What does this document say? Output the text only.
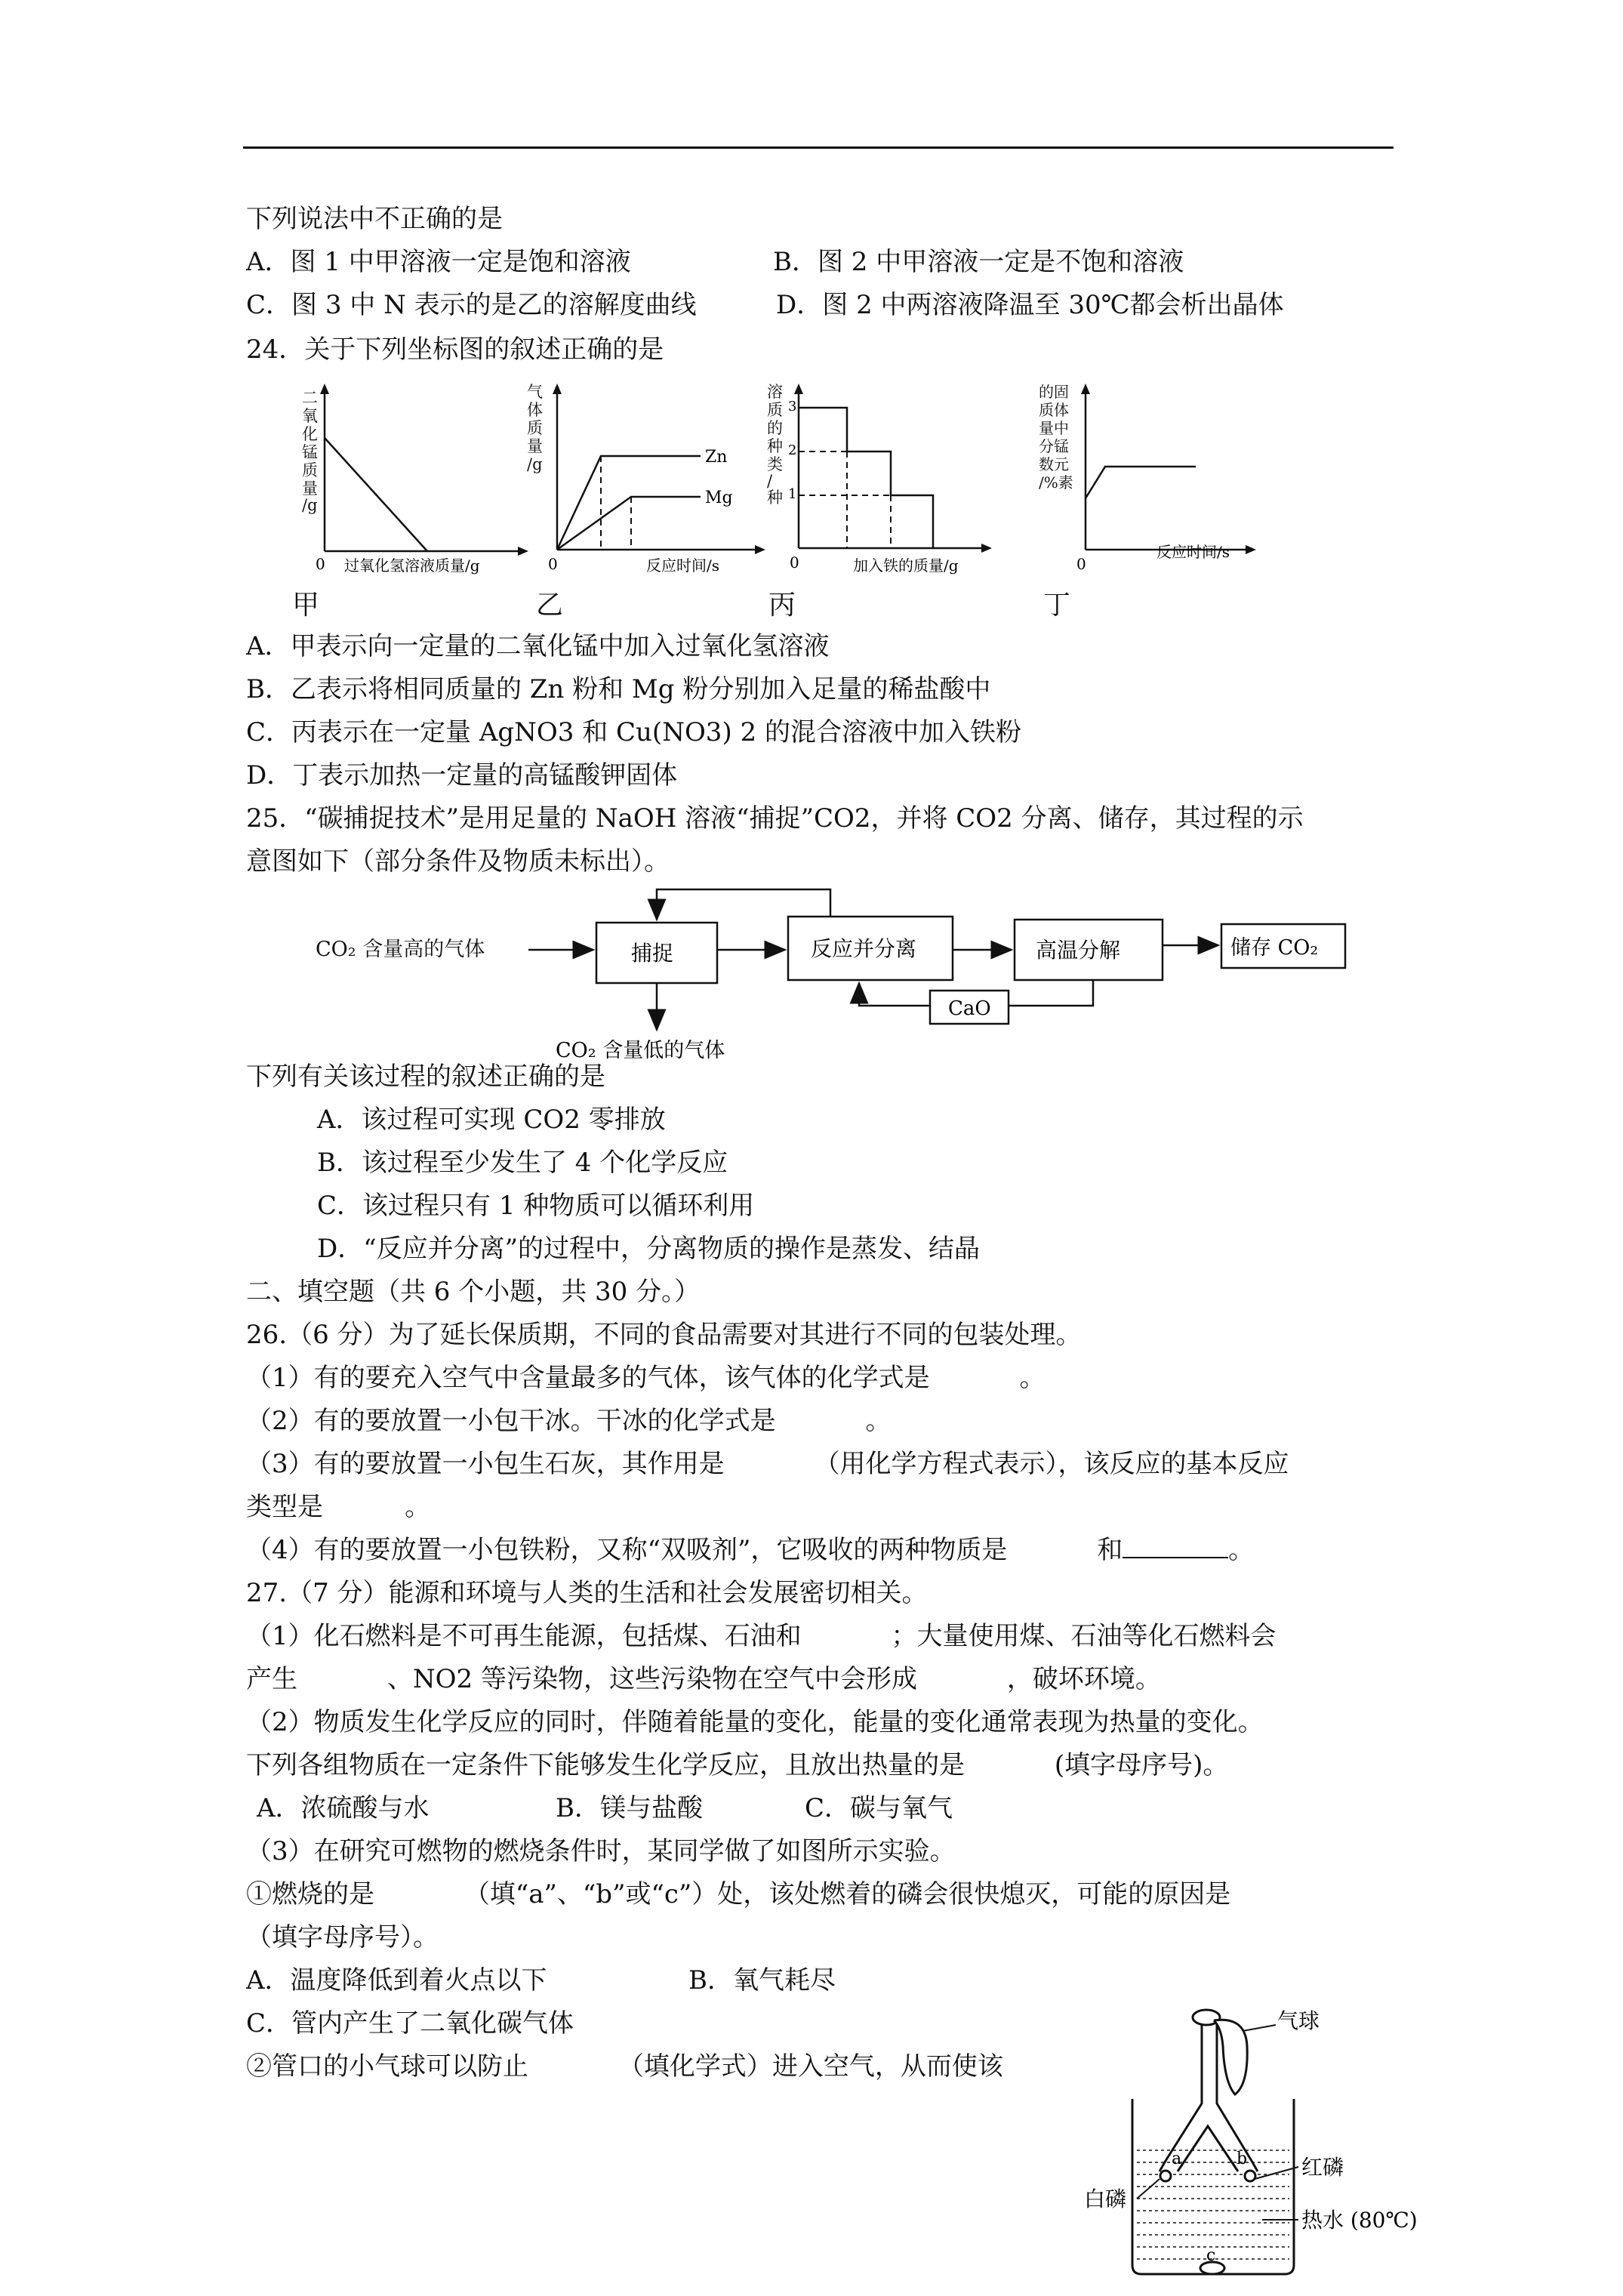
下列说法中不正确的是
A．图 1 中甲溶液一定是饱和溶液	B．图 2 中甲溶液一定是不饱和溶液
C．图 3 中 N 表示的是乙的溶解度曲线	D．图 2 中两溶液降温至 30℃都会析出晶体
24．关于下列坐标图的叙述正确的是
二
氧
化
锰
质
量
/g
0 过氧化氢溶液质量/g
甲
气
体
质
量
/g	Zn
Mg
0	反应时间/s
乙
溶
质
的
种
类
/
种
3
2
1
0	加入铁的质量/g
丙
的固
质体
量中
分锰
数元
/%素
0
反应时间/s
丁
A．甲表示向一定量的二氧化锰中加入过氧化氢溶液
B．乙表示将相同质量的 Zn 粉和 Mg 粉分别加入足量的稀盐酸中
C．丙表示在一定量 AgNO3 和 Cu(NO3) 2 的混合溶液中加入铁粉
D．丁表示加热一定量的高锰酸钾固体
25．“碳捕捉技术”是用足量的 NaOH 溶液“捕捉”CO2，并将 CO2 分离、储存，其过程的示
意图如下（部分条件及物质未标出）。
CO₂ 含量高的气体	捕捉	反应并分离	高温分解	储存 CO₂
CaO
CO₂ 含量低的气体
下列有关该过程的叙述正确的是
A．该过程可实现 CO2 零排放
B．该过程至少发生了 4 个化学反应
C．该过程只有 1 种物质可以循环利用
D．“反应并分离”的过程中，分离物质的操作是蒸发、结晶
二、填空题（共 6 个小题，共 30 分。）
26.（6 分）为了延长保质期，不同的食品需要对其进行不同的包装处理。
（1）有的要充入空气中含量最多的气体，该气体的化学式是           。
（2）有的要放置一小包干冰。干冰的化学式是           。
（3）有的要放置一小包生石灰，其作用是           （用化学方程式表示），该反应的基本反应
类型是          。
（4）有的要放置一小包铁粉，又称“双吸剂”，它吸收的两种物质是           和	。
27.（7 分）能源和环境与人类的生活和社会发展密切相关。
（1）化石燃料是不可再生能源，包括煤、石油和           ；大量使用煤、石油等化石燃料会
产生           、NO2 等污染物，这些污染物在空气中会形成           ，破坏环境。
（2）物质发生化学反应的同时，伴随着能量的变化，能量的变化通常表现为热量的变化。
下列各组物质在一定条件下能够发生化学反应，且放出热量的是           (填字母序号)。
A．浓硫酸与水	B．镁与盐酸	C．碳与氧气
（3）在研究可燃物的燃烧条件时，某同学做了如图所示实验。
①燃烧的是           （填“a”、“b”或“c”）处，该处燃着的磷会很快熄灭，可能的原因是
（填字母序号）。
A．温度降低到着火点以下	B．氧气耗尽
C．管内产生了二氧化碳气体
②管口的小气球可以防止           （填化学式）进入空气，从而使该
a	b
c
气球
红磷
白磷
热水 (80℃)
